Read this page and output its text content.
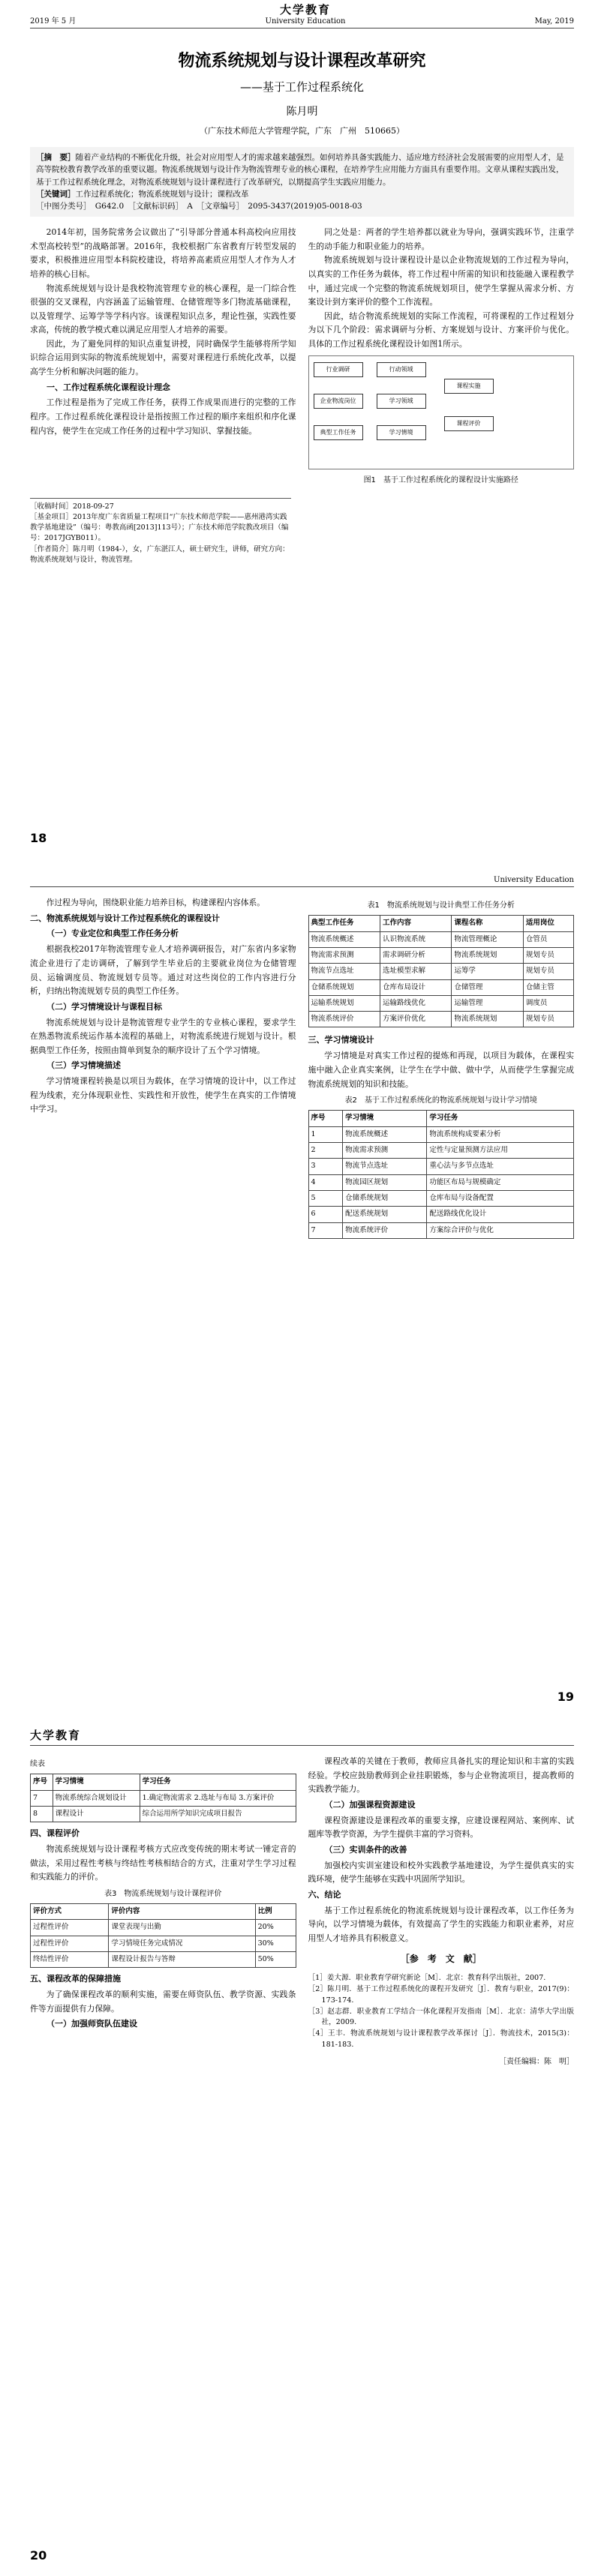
2019 年 5 月
大学教育
University Education	May, 2019
物流系统规划与设计课程改革研究
——基于工作过程系统化
陈月明
（广东技术师范大学管理学院，广东　广州　510665）
［摘　要］随着产业结构的不断优化升级，社会对应用型人才的需求越来越强烈。如何培养具备实践能力、适应地方经济社会发展需要的应用型人才，是高等院校教育教学改革的重要议题。物流系统规划与设计作为物流管理专业的核心课程，在培养学生应用能力方面具有重要作用。文章从课程实践出发，基于工作过程系统化理念，对物流系统规划与设计课程进行了改革研究，以期提高学生实践应用能力。
［关键词］工作过程系统化；物流系统规划与设计；课程改革
［中图分类号］　G642.0　［文献标识码］　A　［文章编号］　2095-3437(2019)05-0018-03

2014年初，国务院常务会议做出了“引导部分普通本科高校向应用技术型高校转型”的战略部署。2016年，我校根据广东省教育厅转型发展的要求，积极推进应用型本科院校建设，将培养高素质应用型人才作为人才培养的核心目标。

物流系统规划与设计是我校物流管理专业的核心课程，是一门综合性很强的交叉课程，内容涵盖了运输管理、仓储管理等多门物流基础课程，以及管理学、运筹学等学科内容。该课程知识点多，理论性强，实践性要求高，传统的教学模式难以满足应用型人才培养的需要。

因此，为了避免同样的知识点重复讲授，同时确保学生能够将所学知识综合运用到实际的物流系统规划中，需要对课程进行系统化改革，以提高学生分析和解决问题的能力。

一、工作过程系统化课程设计理念

工作过程是指为了完成工作任务，获得工作成果而进行的完整的工作程序。工作过程系统化课程设计是指按照工作过程的顺序来组织和序化课程内容，使学生在完成工作任务的过程中学习知识、掌握技能。

同之处是：两者的学生培养都以就业为导向，强调实践环节，注重学生的动手能力和职业能力的培养。

物流系统规划与设计课程设计是以企业物流规划的工作过程为导向，以真实的工作任务为载体，将工作过程中所需的知识和技能融入课程教学中，通过完成一个完整的物流系统规划项目，使学生掌握从需求分析、方案设计到方案评价的整个工作流程。

因此，结合物流系统规划的实际工作流程，可将课程的工作过程划分为以下几个阶段：需求调研与分析、方案规划与设计、方案评价与优化。具体的工作过程系统化课程设计如图1所示。

行业调研
企业物流岗位
典型工作任务
行动领域
学习领域
学习情境
课程实施
课程评价
图1　基于工作过程系统化的课程设计实施路径
［收稿时间］2018-09-27
［基金项目］2013年度广东省质量工程项目“广东技术师范学院——惠州港湾实践教学基地建设”（编号：粤教高函[2013]113号）；广东技术师范学院教改项目（编号：2017JGYB011）。
［作者简介］陈月明（1984-），女，广东湛江人，硕士研究生，讲师，研究方向：物流系统规划与设计，物流管理。
18
University Education

作过程为导向，围绕职业能力培养目标，构建课程内容体系。

二、物流系统规划与设计工作过程系统化的课程设计
（一）专业定位和典型工作任务分析

根据我校2017年物流管理专业人才培养调研报告，对广东省内多家物流企业进行了走访调研，了解到学生毕业后的主要就业岗位为仓储管理员、运输调度员、物流规划专员等。通过对这些岗位的工作内容进行分析，归纳出物流规划专员的典型工作任务。

（二）学习情境设计与课程目标

物流系统规划与设计是物流管理专业学生的专业核心课程，要求学生在熟悉物流系统运作基本流程的基础上，对物流系统进行规划与设计。根据典型工作任务，按照由简单到复杂的顺序设计了五个学习情境。

（三）学习情境描述

学习情境课程转换是以项目为载体，在学习情境的设计中，以工作过程为线索，充分体现职业性、实践性和开放性，使学生在真实的工作情境中学习。

表1　物流系统规划与设计典型工作任务分析
典型工作任务	工作内容	课程名称	适用岗位
物流系统概述	认识物流系统	物流管理概论	仓管员
物流需求预测	需求调研分析	物流系统规划	规划专员
物流节点选址	选址模型求解	运筹学	规划专员
仓储系统规划	仓库布局设计	仓储管理	仓储主管
运输系统规划	运输路线优化	运输管理	调度员
物流系统评价	方案评价优化	物流系统规划	规划专员
三、学习情境设计

学习情境是对真实工作过程的提炼和再现，以项目为载体，在课程实施中融入企业真实案例，让学生在学中做、做中学，从而使学生掌握完成物流系统规划的知识和技能。

表2　基于工作过程系统化的物流系统规划与设计学习情境
序号	学习情境	学习任务
1	物流系统概述	物流系统构成要素分析
2	物流需求预测	定性与定量预测方法应用
3	物流节点选址	重心法与多节点选址
4	物流园区规划	功能区布局与规模确定
5	仓储系统规划	仓库布局与设备配置
6	配送系统规划	配送路线优化设计
7	物流系统评价	方案综合评价与优化
19
大学教育
续表
序号	学习情境	学习任务
7	物流系统综合规划设计	1.确定物流需求 2.选址与布局 3.方案评价
8	课程设计	综合运用所学知识完成项目报告
四、课程评价

物流系统规划与设计课程考核方式应改变传统的期末考试一锤定音的做法，采用过程性考核与终结性考核相结合的方式，注重对学生学习过程和实践能力的评价。

表3　物流系统规划与设计课程评价
评价方式	评价内容	比例
过程性评价	课堂表现与出勤	20%
过程性评价	学习情境任务完成情况	30%
终结性评价	课程设计报告与答辩	50%
五、课程改革的保障措施

为了确保课程改革的顺利实施，需要在师资队伍、教学资源、实践条件等方面提供有力保障。

（一）加强师资队伍建设

课程改革的关键在于教师，教师应具备扎实的理论知识和丰富的实践经验。学校应鼓励教师到企业挂职锻炼，参与企业物流项目，提高教师的实践教学能力。

（二）加强课程资源建设

课程资源建设是课程改革的重要支撑，应建设课程网站、案例库、试题库等教学资源，为学生提供丰富的学习资料。

（三）实训条件的改善

加强校内实训室建设和校外实践教学基地建设，为学生提供真实的实践环境，使学生能够在实践中巩固所学知识。

六、结论

基于工作过程系统化的物流系统规划与设计课程改革，以工作任务为导向，以学习情境为载体，有效提高了学生的实践能力和职业素养，对应用型人才培养具有积极意义。

［参　考　文　献］
［1］姜大源．职业教育学研究新论［M］．北京：教育科学出版社，2007.
［2］陈月明．基于工作过程系统化的课程开发研究［J］．教育与职业，2017(9)：173-174.
［3］赵志群．职业教育工学结合一体化课程开发指南［M］．北京：清华大学出版社，2009.
［4］王丰．物流系统规划与设计课程教学改革探讨［J］．物流技术，2015(3)：181-183.
［责任编辑：陈　明］
20
